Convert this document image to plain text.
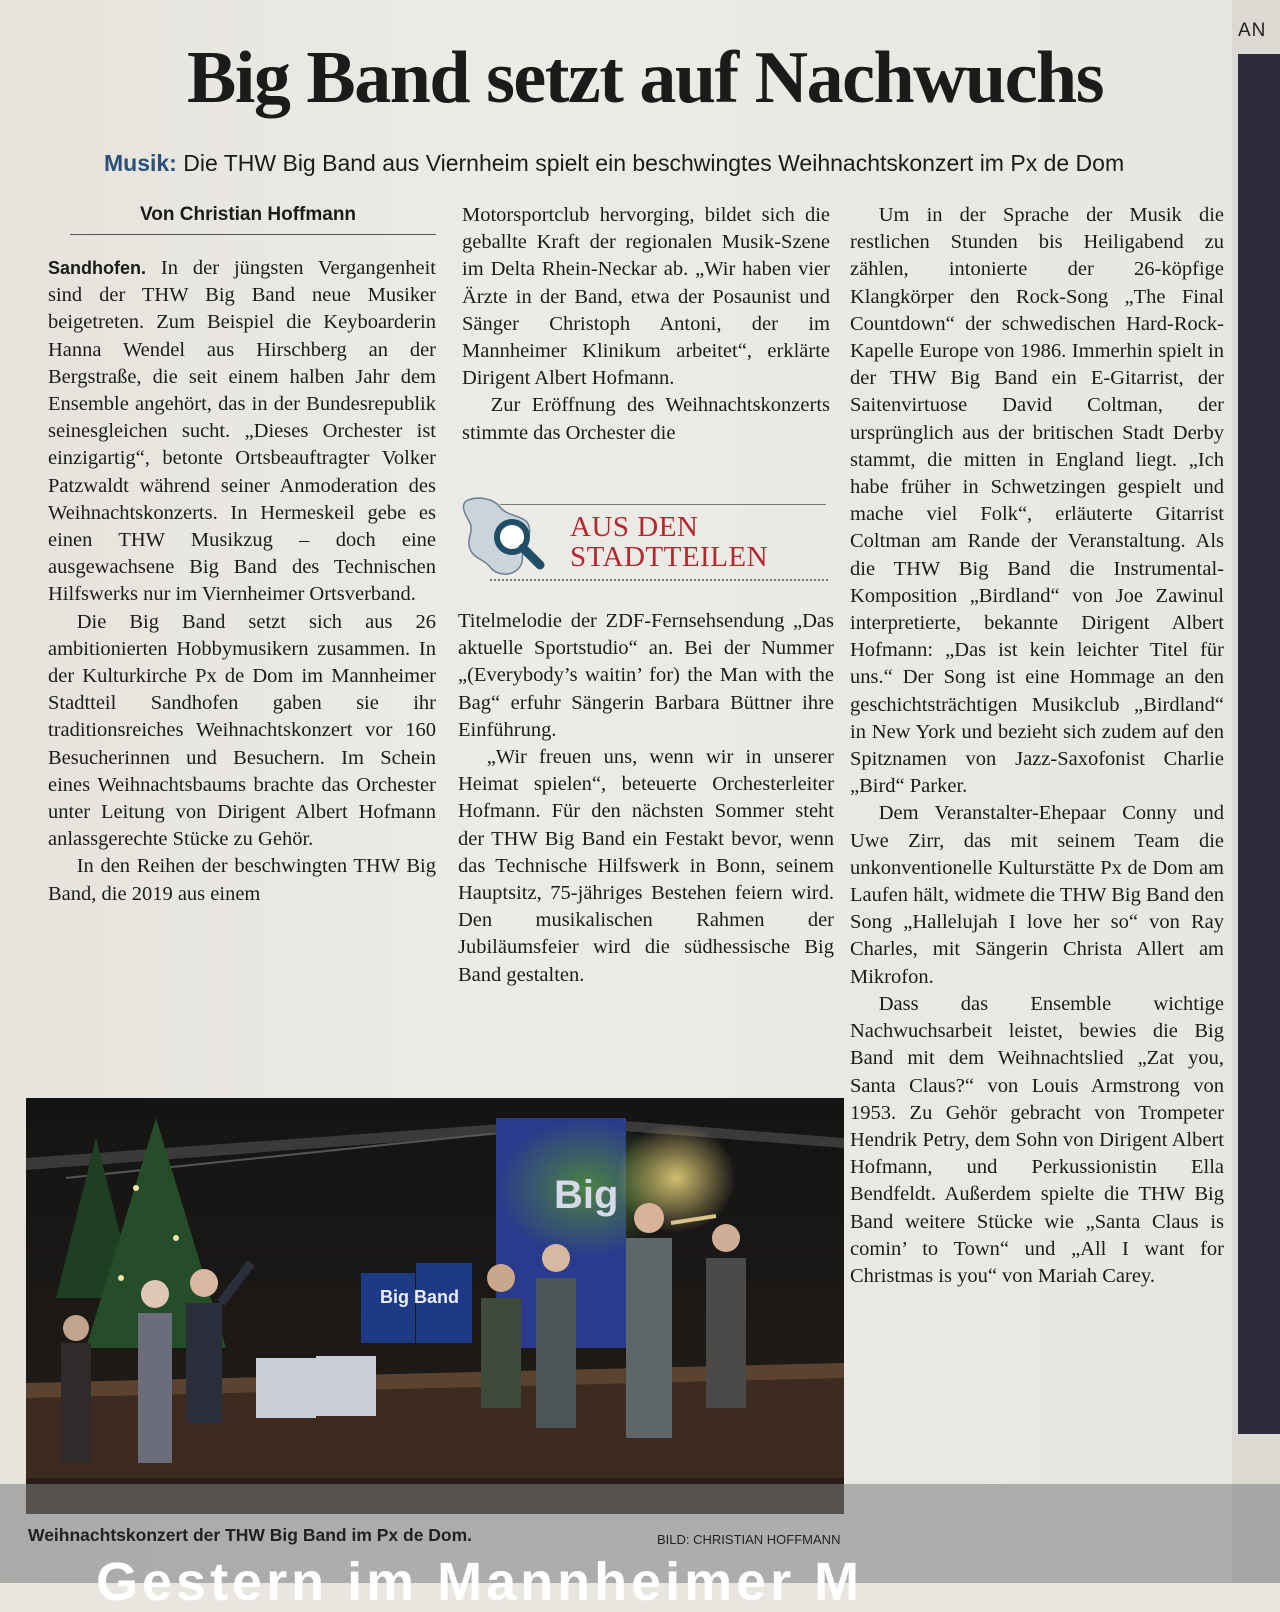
AN
Big Band setzt auf Nachwuchs

Musik: Die THW Big Band aus Viernheim spielt ein beschwingtes Weihnachtskonzert im Px de Dom

Von Christian Hoffmann

Sandhofen. In der jüngsten Vergangenheit sind der THW Big Band neue Musiker beigetreten. Zum Beispiel die Keyboarderin Hanna Wendel aus Hirschberg an der Bergstraße, die seit einem halben Jahr dem Ensemble angehört, das in der Bundesrepublik seinesgleichen sucht. „Dieses Orchester ist einzigartig“, betonte Ortsbeauftragter Volker Patzwaldt während seiner Anmoderation des Weihnachtskonzerts. In Hermeskeil gebe es einen THW Musikzug – doch eine ausgewachsene Big Band des Technischen Hilfswerks nur im Viernheimer Ortsverband.

Die Big Band setzt sich aus 26 ambitionierten Hobbymusikern zusammen. In der Kulturkirche Px de Dom im Mannheimer Stadtteil Sandhofen gaben sie ihr traditionsreiches Weihnachtskonzert vor 160 Besucherinnen und Besuchern. Im Schein eines Weihnachtsbaums brachte das Orchester unter Leitung von Dirigent Albert Hofmann anlassgerechte Stücke zu Gehör.

In den Reihen der beschwingten THW Big Band, die 2019 aus einem

Motorsportclub hervorging, bildet sich die geballte Kraft der regionalen Musik-Szene im Delta Rhein-Neckar ab. „Wir haben vier Ärzte in der Band, etwa der Posaunist und Sänger Christoph Antoni, der im Mannheimer Klinikum arbeitet“, erklärte Dirigent Albert Hofmann.

Zur Eröffnung des Weihnachtskonzerts stimmte das Orchester die

AUS DEN
STADTTEILEN

Titelmelodie der ZDF-Fernsehsendung „Das aktuelle Sportstudio“ an. Bei der Nummer „(Everybody’s waitin’ for) the Man with the Bag“ erfuhr Sängerin Barbara Büttner ihre Einführung.

„Wir freuen uns, wenn wir in unserer Heimat spielen“, beteuerte Orchesterleiter Hofmann. Für den nächsten Sommer steht der THW Big Band ein Festakt bevor, wenn das Technische Hilfswerk in Bonn, seinem Hauptsitz, 75-jähriges Bestehen feiern wird. Den musikalischen Rahmen der Jubiläumsfeier wird die südhessische Big Band gestalten.

Um in der Sprache der Musik die restlichen Stunden bis Heiligabend zu zählen, intonierte der 26-köpfige Klangkörper den Rock-Song „The Final Countdown“ der schwedischen Hard-Rock-Kapelle Europe von 1986. Immerhin spielt in der THW Big Band ein E-Gitarrist, der Saitenvirtuose David Coltman, der ursprünglich aus der britischen Stadt Derby stammt, die mitten in England liegt. „Ich habe früher in Schwetzingen gespielt und mache viel Folk“, erläuterte Gitarrist Coltman am Rande der Veranstaltung. Als die THW Big Band die Instrumental-Komposition „Birdland“ von Joe Zawinul interpretierte, bekannte Dirigent Albert Hofmann: „Das ist kein leichter Titel für uns.“ Der Song ist eine Hommage an den geschichtsträchtigen Musikclub „Birdland“ in New York und bezieht sich zudem auf den Spitznamen von Jazz-Saxofonist Charlie „Bird“ Parker.

Dem Veranstalter-Ehepaar Conny und Uwe Zirr, das mit seinem Team die unkonventionelle Kulturstätte Px de Dom am Laufen hält, widmete die THW Big Band den Song „Hallelujah I love her so“ von Ray Charles, mit Sängerin Christa Allert am Mikrofon.

Dass das Ensemble wichtige Nachwuchsarbeit leistet, bewies die Big Band mit dem Weihnachtslied „Zat you, Santa Claus?“ von Louis Armstrong von 1953. Zu Gehör gebracht von Trompeter Hendrik Petry, dem Sohn von Dirigent Albert Hofmann, und Perkussionistin Ella Bendfeldt. Außerdem spielte die THW Big Band weitere Stücke wie „Santa Claus is comin’ to Town“ und „All I want for Christmas is you“ von Mariah Carey.

Big
Big Band

Weihnachtskonzert der THW Big Band im Px de Dom.	BILD: CHRISTIAN HOFFMANN

Gestern im Mannheimer M
